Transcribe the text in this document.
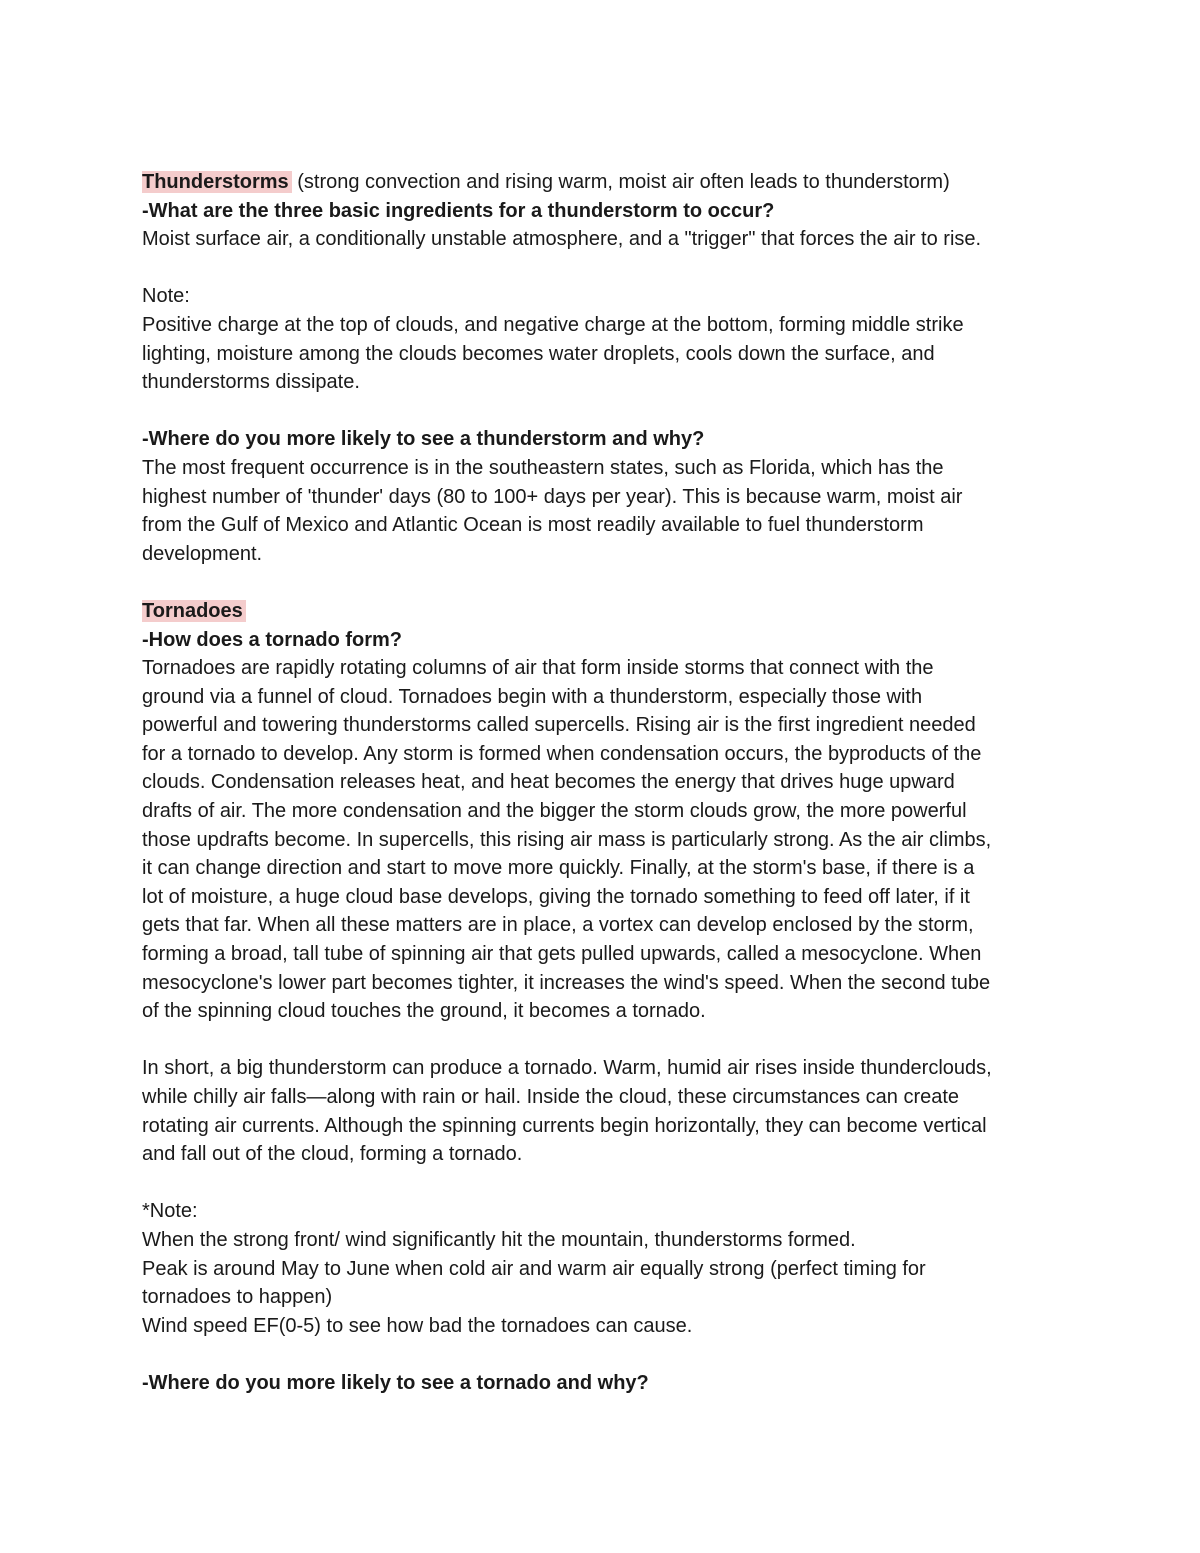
Thunderstorms (strong convection and rising warm, moist air often leads to thunderstorm)
-What are the three basic ingredients for a thunderstorm to occur?
Moist surface air, a conditionally unstable atmosphere, and a "trigger" that forces the air to rise.
Note:
Positive charge at the top of clouds, and negative charge at the bottom, forming middle strike
lighting, moisture among the clouds becomes water droplets, cools down the surface, and
thunderstorms dissipate.
-Where do you more likely to see a thunderstorm and why?
The most frequent occurrence is in the southeastern states, such as Florida, which has the
highest number of 'thunder' days (80 to 100+ days per year). This is because warm, moist air
from the Gulf of Mexico and Atlantic Ocean is most readily available to fuel thunderstorm
development.
Tornadoes
-How does a tornado form?
Tornadoes are rapidly rotating columns of air that form inside storms that connect with the
ground via a funnel of cloud. Tornadoes begin with a thunderstorm, especially those with
powerful and towering thunderstorms called supercells. Rising air is the first ingredient needed
for a tornado to develop. Any storm is formed when condensation occurs, the byproducts of the
clouds. Condensation releases heat, and heat becomes the energy that drives huge upward
drafts of air. The more condensation and the bigger the storm clouds grow, the more powerful
those updrafts become. In supercells, this rising air mass is particularly strong. As the air climbs,
it can change direction and start to move more quickly. Finally, at the storm's base, if there is a
lot of moisture, a huge cloud base develops, giving the tornado something to feed off later, if it
gets that far. When all these matters are in place, a vortex can develop enclosed by the storm,
forming a broad, tall tube of spinning air that gets pulled upwards, called a mesocyclone. When
mesocyclone's lower part becomes tighter, it increases the wind's speed. When the second tube
of the spinning cloud touches the ground, it becomes a tornado.
In short, a big thunderstorm can produce a tornado. Warm, humid air rises inside thunderclouds,
while chilly air falls—along with rain or hail. Inside the cloud, these circumstances can create
rotating air currents. Although the spinning currents begin horizontally, they can become vertical
and fall out of the cloud, forming a tornado.
*Note:
When the strong front/ wind significantly hit the mountain, thunderstorms formed.
Peak is around May to June when cold air and warm air equally strong (perfect timing for
tornadoes to happen)
Wind speed EF(0-5) to see how bad the tornadoes can cause.
-Where do you more likely to see a tornado and why?
